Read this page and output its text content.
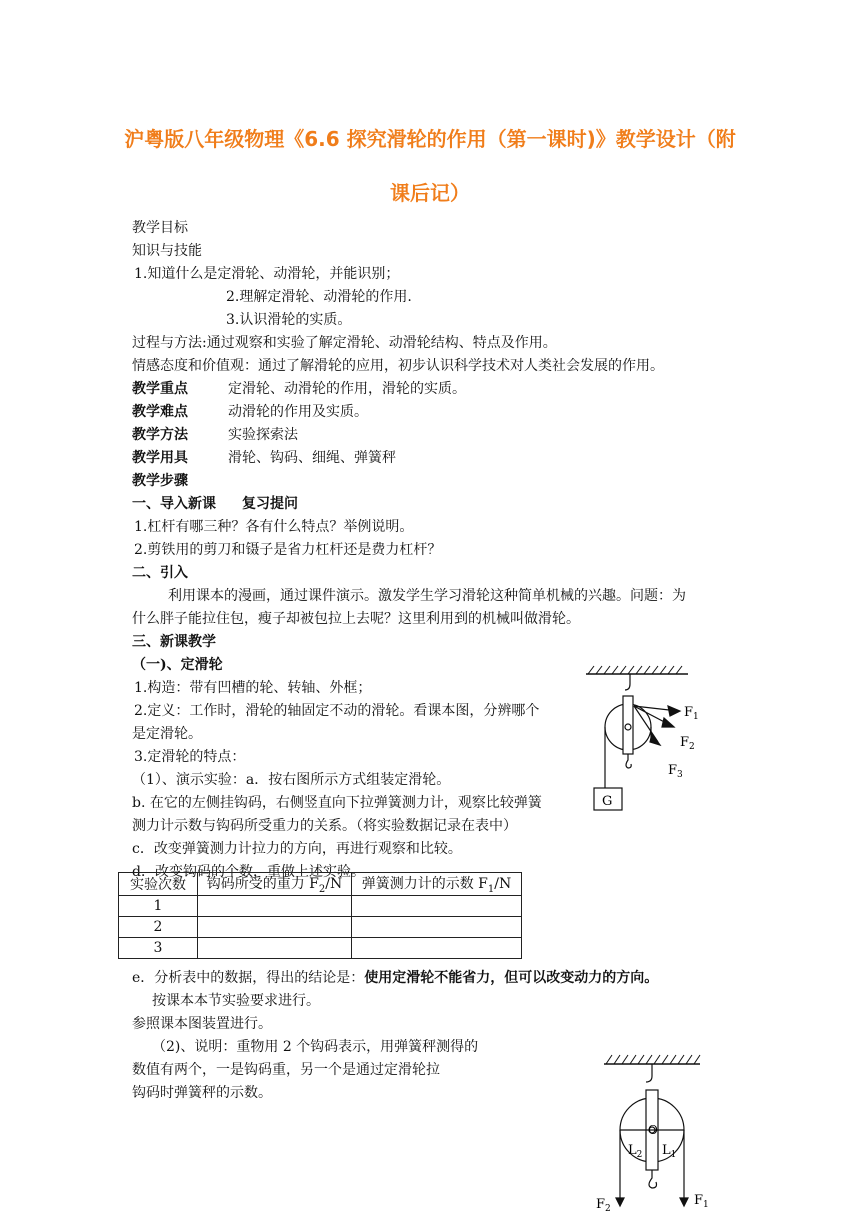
沪粤版八年级物理《6.6 探究滑轮的作用（第一课时)》教学设计（附
课后记）
教学目标
知识与技能
1.知道什么是定滑轮、动滑轮，并能识别；
2.理解定滑轮、动滑轮的作用.
3.认识滑轮的实质。
过程与方法:通过观察和实验了解定滑轮、动滑轮结构、特点及作用。
情感态度和价值观：通过了解滑轮的应用，初步认识科学技术对人类社会发展的作用。
教学重点	定滑轮、动滑轮的作用，滑轮的实质。
教学难点	动滑轮的作用及实质。
教学方法	实验探索法
教学用具	滑轮、钩码、细绳、弹簧秤
教学步骤
一、导入新课 复习提问
1.杠杆有哪三种？各有什么特点？举例说明。
2.剪铁用的剪刀和镊子是省力杠杆还是费力杠杆？
二、引入
利用课本的漫画，通过课件演示。激发学生学习滑轮这种简单机械的兴趣。问题：为
什么胖子能拉住包，瘦子却被包拉上去呢？这里利用到的机械叫做滑轮。
三、新课教学
（一)、定滑轮
1.构造：带有凹槽的轮、转轴、外框；
2.定义：工作时，滑轮的轴固定不动的滑轮。看课本图，分辨哪个
是定滑轮。
3.定滑轮的特点：
（1）、演示实验：a．按右图所示方式组装定滑轮。
b. 在它的左侧挂钩码，右侧竖直向下拉弹簧测力计，观察比较弹簧
测力计示数与钩码所受重力的关系。（将实验数据记录在表中）
c．改变弹簧测力计拉力的方向，再进行观察和比较。
d．改变钩码的个数，重做上述实验。
实验次数	钩码所受的重力 $F_2/N$	弹簧测力计的示数 $F_1/N$
1		
2		
3		
e．分析表中的数据，得出的结论是：使用定滑轮不能省力，但可以改变动力的方向。
按课本本节实验要求进行。
参照课本图装置进行。
（2)、说明：重物用 2 个钩码表示，用弹簧秤测得的
数值有两个，一是钩码重，另一个是通过定滑轮拉
钩码时弹簧秤的示数。
G
$F_1$
$F_2$
$F_3$
O
$L_2$ $L_1$
$F_2$
$F_1$
